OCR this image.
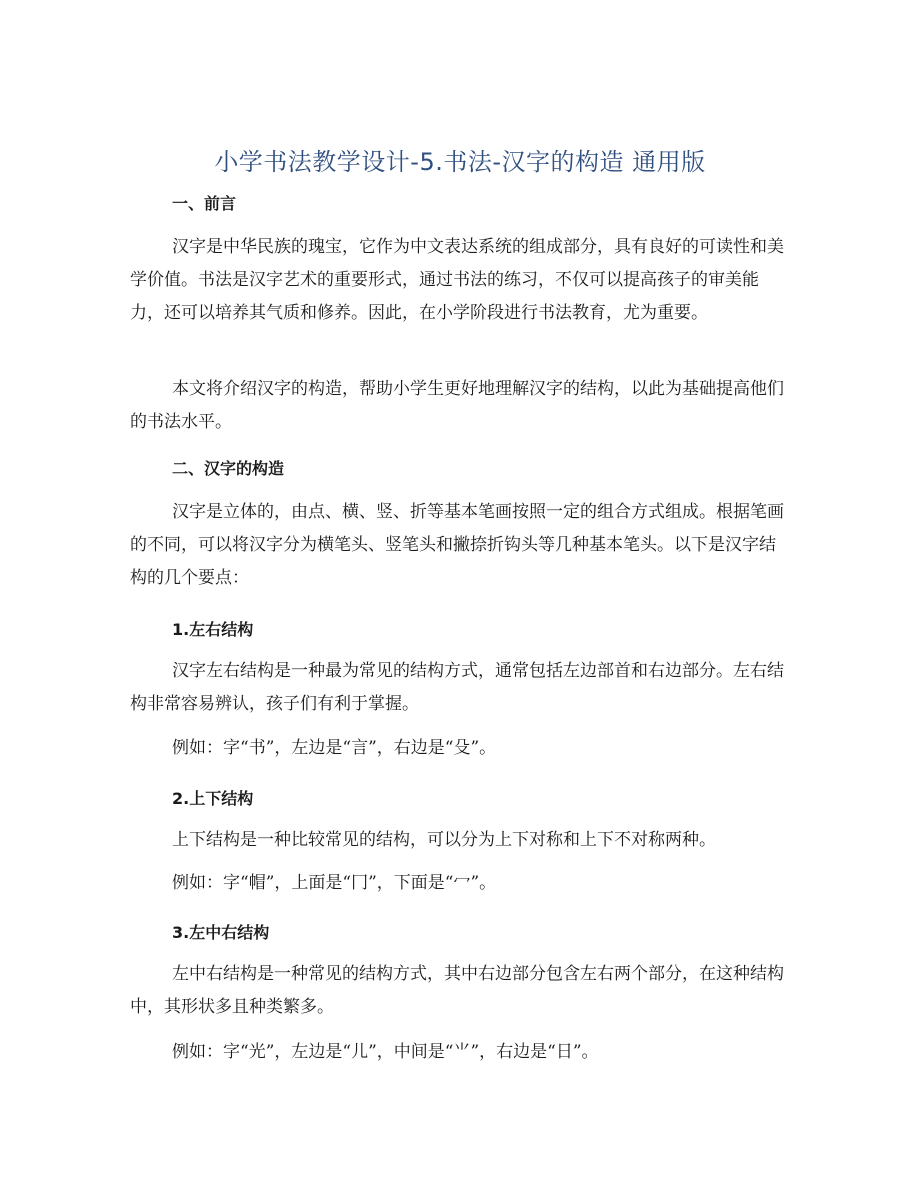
小学书法教学设计-5.书法-汉字的构造 通用版
一、前言

汉字是中华民族的瑰宝，它作为中文表达系统的组成部分，具有良好的可读性和美学价值。书法是汉字艺术的重要形式，通过书法的练习，不仅可以提高孩子的审美能力，还可以培养其气质和修养。因此，在小学阶段进行书法教育，尤为重要。

本文将介绍汉字的构造，帮助小学生更好地理解汉字的结构，以此为基础提高他们的书法水平。

二、汉字的构造

汉字是立体的，由点、横、竖、折等基本笔画按照一定的组合方式组成。根据笔画的不同，可以将汉字分为横笔头、竖笔头和撇捺折钩头等几种基本笔头。以下是汉字结构的几个要点：

1.左右结构

汉字左右结构是一种最为常见的结构方式，通常包括左边部首和右边部分。左右结构非常容易辨认，孩子们有利于掌握。

例如：字“书”，左边是“言”，右边是“殳”。

2.上下结构

上下结构是一种比较常见的结构，可以分为上下对称和上下不对称两种。

例如：字“帽”，上面是“冂”，下面是“冖”。

3.左中右结构

左中右结构是一种常见的结构方式，其中右边部分包含左右两个部分，在这种结构中，其形状多且种类繁多。

例如：字“光”，左边是“儿”，中间是“⺌”，右边是“日”。
